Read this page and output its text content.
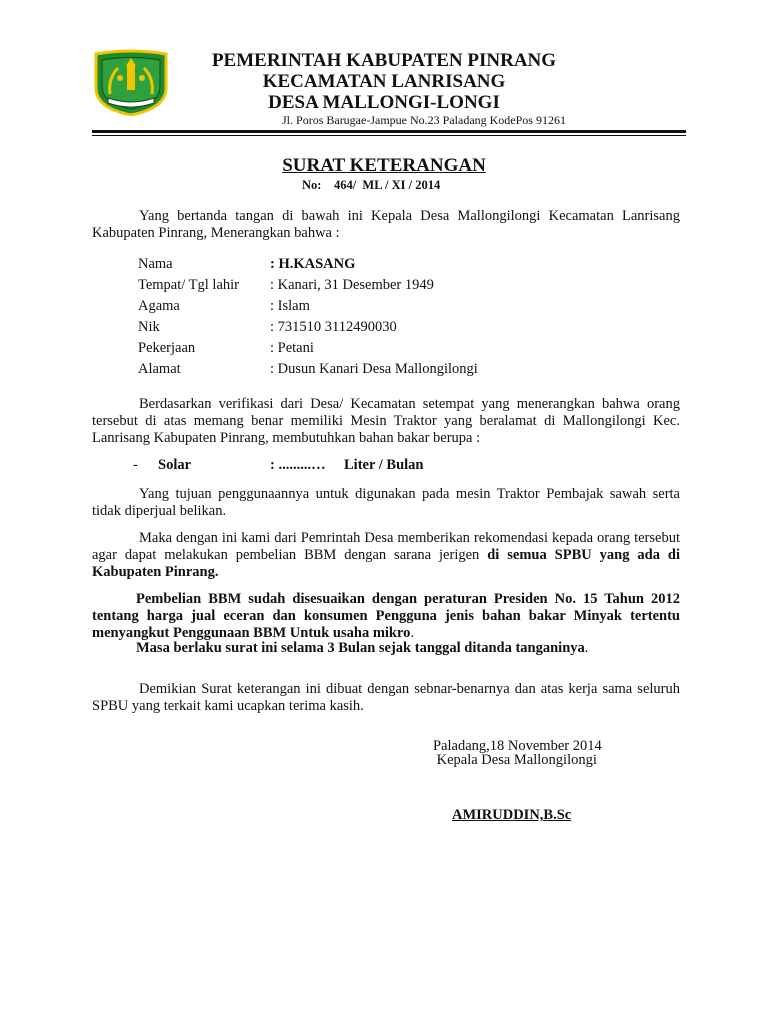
PEMERINTAH KABUPATEN PINRANG
KECAMATAN LANRISANG
DESA MALLONGI-LONGI
Jl. Poros Barugae-Jampue No.23 Paladang KodePos 91261
SURAT KETERANGAN
No:    464/  ML / XI / 2014
Yang bertanda tangan di bawah ini Kepala Desa Mallongilongi Kecamatan Lanrisang Kabupaten Pinrang, Menerangkan bahwa :
Nama	: H.KASANG
Tempat/ Tgl lahir : Kanari, 31 Desember 1949
Agama	: Islam
Nik	: 731510 3112490030
Pekerjaan	: Petani
Alamat	: Dusun Kanari Desa Mallongilongi
Berdasarkan verifikasi dari Desa/ Kecamatan setempat yang menerangkan bahwa orang tersebut di atas memang benar memiliki Mesin Traktor yang beralamat di Mallongilongi Kec. Lanrisang Kabupaten Pinrang, membutuhkan bahan bakar berupa :
- Solar	: .........… Liter / Bulan
Yang tujuan penggunaannya untuk digunakan pada mesin Traktor Pembajak sawah serta tidak diperjual belikan.
Maka dengan ini kami dari Pemrintah Desa memberikan rekomendasi kepada orang tersebut agar dapat melakukan pembelian BBM dengan sarana jerigen di semua SPBU yang ada di Kabupaten Pinrang.
Pembelian BBM sudah disesuaikan dengan peraturan Presiden No. 15 Tahun 2012 tentang harga jual eceran dan konsumen Pengguna jenis bahan bakar Minyak tertentu menyangkut Penggunaan BBM Untuk usaha mikro.
Masa berlaku surat ini selama 3 Bulan sejak tanggal ditanda tanganinya.
Demikian Surat keterangan ini dibuat dengan sebnar-benarnya dan atas kerja sama seluruh SPBU yang terkait kami ucapkan terima kasih.
Paladang,18 November 2014
Kepala Desa Mallongilongi
AMIRUDDIN,B.Sc
